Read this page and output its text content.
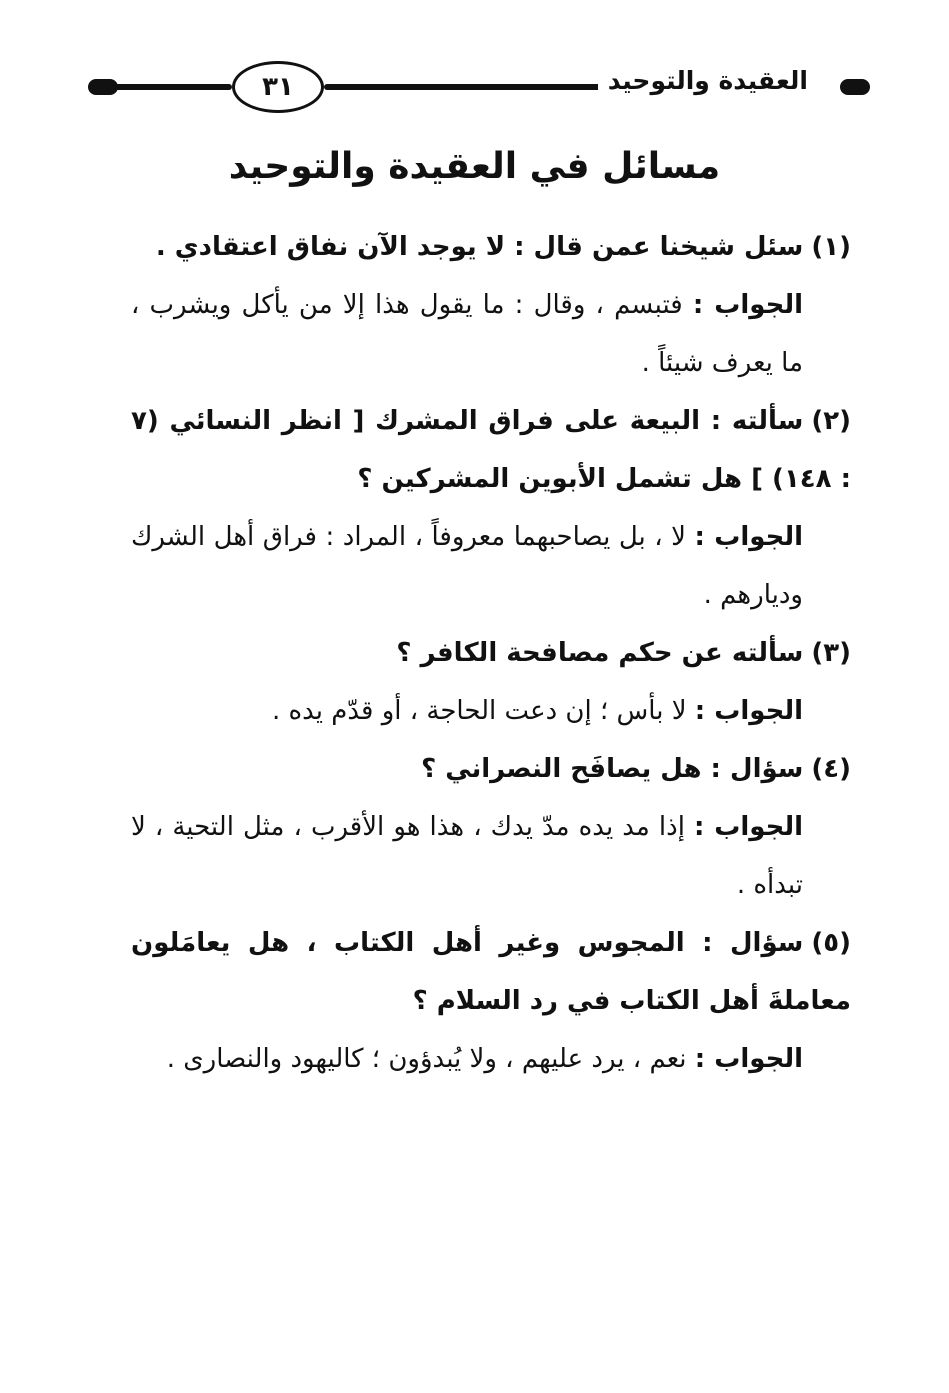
٣١	العقيدة والتوحيد
مسائل في العقيدة والتوحيد
(١)سئل شيخنا عمن قال : لا يوجد الآن نفاق اعتقادي .
الجواب : فتبسم ، وقال : ما يقول هذا إلا من يأكل ويشرب ، ما يعرف شيئاً .
(٢)سألته : البيعة على فراق المشرك [ انظر النسائي (٧ : ١٤٨) ] هل تشمل الأبوين المشركين ؟
الجواب : لا ، بل يصاحبهما معروفاً ، المراد : فراق أهل الشرك وديارهم .
(٣)سألته عن حكم مصافحة الكافر ؟
الجواب : لا بأس ؛ إن دعت الحاجة ، أو قدّم يده .
(٤)سؤال : هل يصافَح النصراني ؟
الجواب : إذا مد يده مدّ يدك ، هذا هو الأقرب ، مثل التحية ، لا تبدأه .
(٥)سؤال : المجوس وغير أهل الكتاب ، هل يعامَلون معاملةَ أهل الكتاب في رد السلام ؟
الجواب : نعم ، يرد عليهم ، ولا يُبدؤون ؛ كاليهود والنصارى .
